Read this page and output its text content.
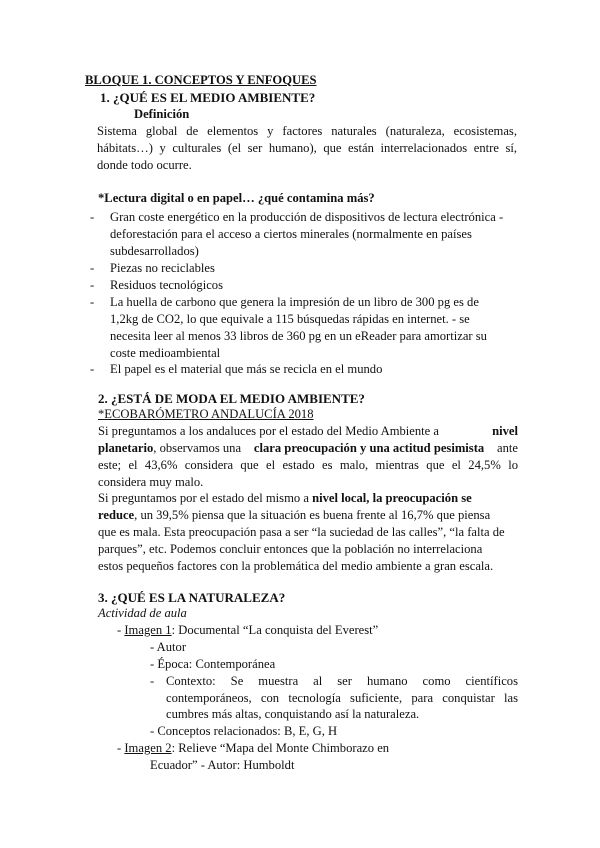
BLOQUE 1. CONCEPTOS Y ENFOQUES
1. ¿QUÉ ES EL MEDIO AMBIENTE?
Definición
Sistema global de elementos y factores naturales (naturaleza, ecosistemas,
hábitats…) y culturales (el ser humano), que están interrelacionados entre sí,
donde todo ocurre.
*Lectura digital o en papel… ¿qué contamina más?
- Gran coste energético en la producción de dispositivos de lectura electrónica -
deforestación para el acceso a ciertos minerales (normalmente en países
subdesarrollados)
- Piezas no reciclables
- Residuos tecnológicos
- La huella de carbono que genera la impresión de un libro de 300 pg es de
1,2kg de CO2, lo que equivale a 115 búsquedas rápidas en internet. - se
necesita leer al menos 33 libros de 360 pg en un eReader para amortizar su
coste medioambiental
- El papel es el material que más se recicla en el mundo
2. ¿ESTÁ DE MODA EL MEDIO AMBIENTE?
*ECOBARÓMETRO ANDALUCÍA 2018
Si preguntamos a los andaluces por el estado del Medio Ambiente a	nivel
planetario, observamos una clara preocupación y una actitud pesimista ante
este; el 43,6% considera que el estado es malo, mientras que el 24,5% lo
considera muy malo.
Si preguntamos por el estado del mismo a nivel local, la preocupación se
reduce, un 39,5% piensa que la situación es buena frente al 16,7% que piensa
que es mala. Esta preocupación pasa a ser “la suciedad de las calles”, “la falta de
parques”, etc. Podemos concluir entonces que la población no interrelaciona
estos pequeños factores con la problemática del medio ambiente a gran escala.
3. ¿QUÉ ES LA NATURALEZA?
Actividad de aula
- Imagen 1: Documental “La conquista del Everest”
- Autor
- Época: Contemporánea
- Contexto: Se muestra al ser humano como científicos
contemporáneos, con tecnología suficiente, para conquistar las
cumbres más altas, conquistando así la naturaleza.
- Conceptos relacionados: B, E, G, H
- Imagen 2: Relieve “Mapa del Monte Chimborazo en
Ecuador” - Autor: Humboldt
